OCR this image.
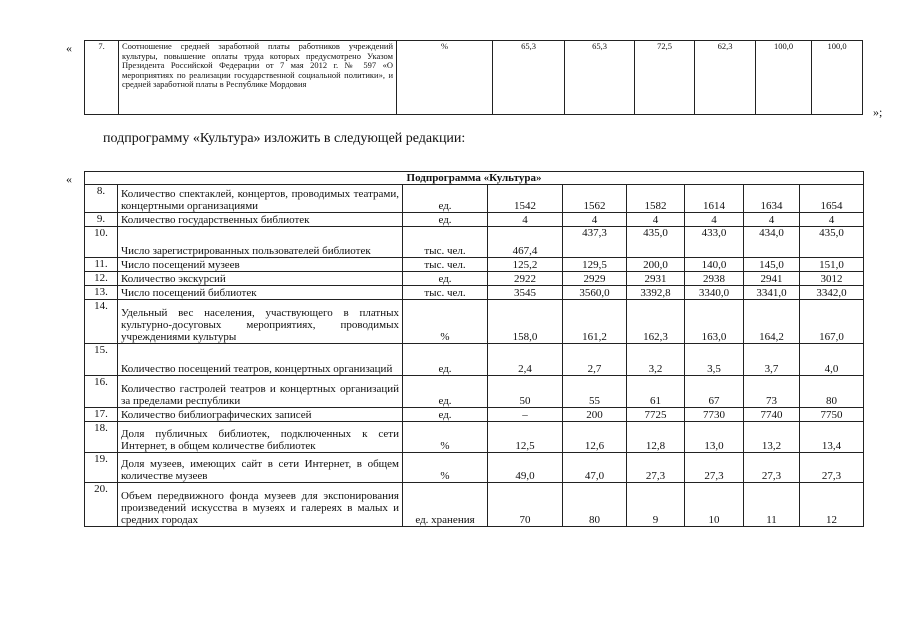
«	7.	Соотношение средней заработной платы работников учреждений культуры, повышение оплаты труда которых предусмотрено Указом Президента Российской Федерации от 7 мая 2012 г. № 597 «О мероприятиях по реализации государственной социальной политики», и средней заработной платы в Республике Мордовия	%	65,3	65,3	72,5	62,3	100,0	100,0
»;
подпрограмму «Культура» изложить в следующей редакции:
«	Подпрограмма «Культура»								
8.	Количество спектаклей, концертов, проводимых театрами, концертными организациями	ед.	1542	1562	1582	1614	1634	1654
9.	Количество государственных библиотек	ед.	4	4	4	4	4	4
10.	Число зарегистрированных пользователей библиотек	тыс. чел.	467,4	437,3	435,0	433,0	434,0	435,0
11.	Число посещений музеев	тыс. чел.	125,2	129,5	200,0	140,0	145,0	151,0
12.	Количество экскурсий	ед.	2922	2929	2931	2938	2941	3012
13.	Число посещений библиотек	тыс. чел.	3545	3560,0	3392,8	3340,0	3341,0	3342,0
14.	Удельный вес населения, участвующего в платных культурно-досуговых мероприятиях, проводимых учреждениями культуры	%	158,0	161,2	162,3	163,0	164,2	167,0
15.	Количество посещений театров, концертных организаций	ед.	2,4	2,7	3,2	3,5	3,7	4,0
16.	Количество гастролей театров и концертных организаций за пределами республики	ед.	50	55	61	67	73	80
17.	Количество библиографических записей	ед.	–	200	7725	7730	7740	7750
18.	Доля публичных библиотек, подключенных к сети Интернет, в общем количестве библиотек	%	12,5	12,6	12,8	13,0	13,2	13,4
19.	Доля музеев, имеющих сайт в сети Интернет, в общем количестве музеев	%	49,0	47,0	27,3	27,3	27,3	27,3
20.	Объем передвижного фонда музеев для экспонирования произведений искусства в музеях и галереях в малых и средних городах	ед. хранения	70	80	9	10	11	12
